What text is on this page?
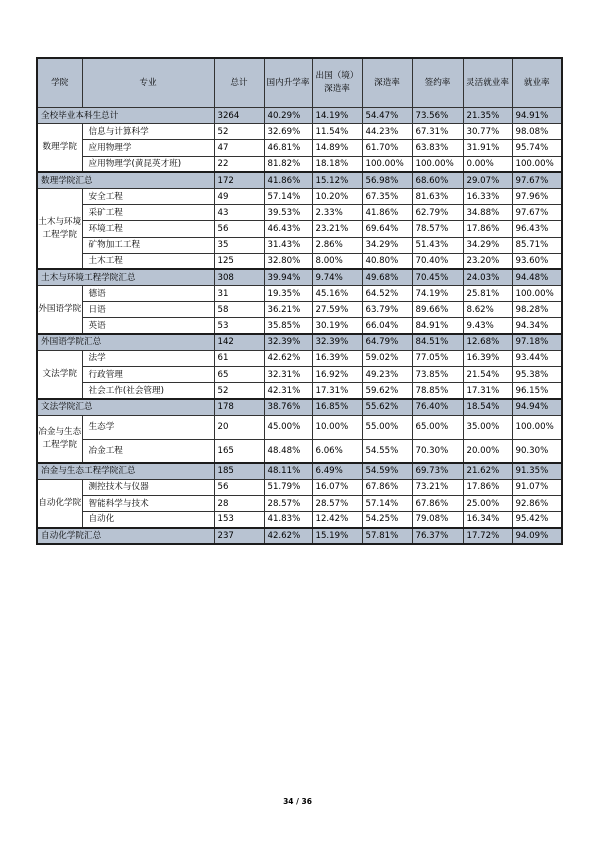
学院	专业	总计	国内升学率	出国（境）深造率	深造率	签约率	灵活就业率	就业率
全校毕业本科生总计		3264	40.29%	14.19%	54.47%	73.56%	21.35%	94.91%
数理学院	信息与计算科学	52	32.69%	11.54%	44.23%	67.31%	30.77%	98.08%
	应用物理学	47	46.81%	14.89%	61.70%	63.83%	31.91%	95.74%
	应用物理学(黄昆英才班)	22	81.82%	18.18%	100.00%	100.00%	0.00%	100.00%
数理学院汇总		172	41.86%	15.12%	56.98%	68.60%	29.07%	97.67%
土木与环境工程学院	安全工程	49	57.14%	10.20%	67.35%	81.63%	16.33%	97.96%
	采矿工程	43	39.53%	2.33%	41.86%	62.79%	34.88%	97.67%
	环境工程	56	46.43%	23.21%	69.64%	78.57%	17.86%	96.43%
	矿物加工工程	35	31.43%	2.86%	34.29%	51.43%	34.29%	85.71%
	土木工程	125	32.80%	8.00%	40.80%	70.40%	23.20%	93.60%
土木与环境工程学院汇总		308	39.94%	9.74%	49.68%	70.45%	24.03%	94.48%
外国语学院	德语	31	19.35%	45.16%	64.52%	74.19%	25.81%	100.00%
	日语	58	36.21%	27.59%	63.79%	89.66%	8.62%	98.28%
	英语	53	35.85%	30.19%	66.04%	84.91%	9.43%	94.34%
外国语学院汇总		142	32.39%	32.39%	64.79%	84.51%	12.68%	97.18%
文法学院	法学	61	42.62%	16.39%	59.02%	77.05%	16.39%	93.44%
	行政管理	65	32.31%	16.92%	49.23%	73.85%	21.54%	95.38%
	社会工作(社会管理)	52	42.31%	17.31%	59.62%	78.85%	17.31%	96.15%
文法学院汇总		178	38.76%	16.85%	55.62%	76.40%	18.54%	94.94%
冶金与生态工程学院	生态学	20	45.00%	10.00%	55.00%	65.00%	35.00%	100.00%
	冶金工程	165	48.48%	6.06%	54.55%	70.30%	20.00%	90.30%
冶金与生态工程学院汇总		185	48.11%	6.49%	54.59%	69.73%	21.62%	91.35%
自动化学院	测控技术与仪器	56	51.79%	16.07%	67.86%	73.21%	17.86%	91.07%
	智能科学与技术	28	28.57%	28.57%	57.14%	67.86%	25.00%	92.86%
	自动化	153	41.83%	12.42%	54.25%	79.08%	16.34%	95.42%
自动化学院汇总		237	42.62%	15.19%	57.81%	76.37%	17.72%	94.09%
34 / 36
